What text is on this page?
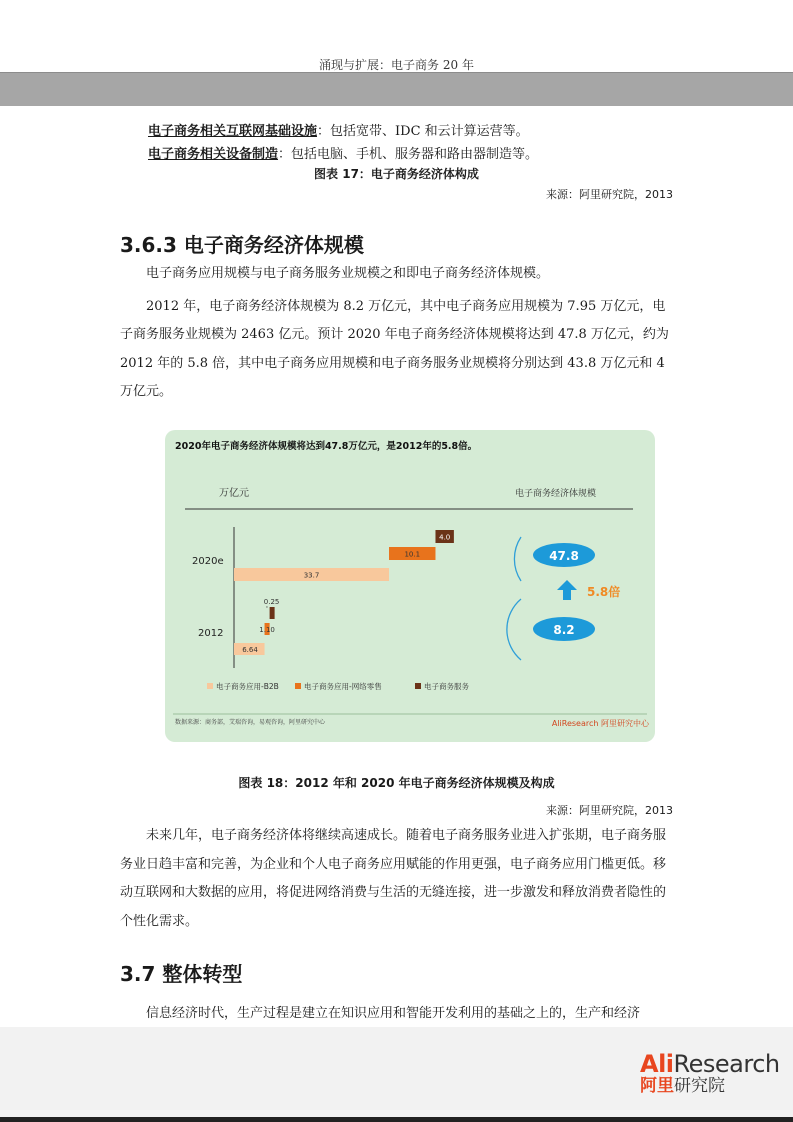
涌现与扩展：电子商务 20 年
电子商务相关互联网基础设施：包括宽带、IDC 和云计算运营等。
电子商务相关设备制造：包括电脑、手机、服务器和路由器制造等。
图表 17：电子商务经济体构成
来源：阿里研究院，2013
3.6.3 电子商务经济体规模

电子商务应用规模与电子商务服务业规模之和即电子商务经济体规模。

2012 年，电子商务经济体规模为 8.2 万亿元，其中电子商务应用规模为 7.95 万亿元，电子商务服务业规模为 2463 亿元。预计 2020 年电子商务经济体规模将达到 47.8 万亿元，约为 2012 年的 5.8 倍，其中电子商务应用规模和电子商务服务业规模将分别达到 43.8 万亿元和 4 万亿元。

2020年电子商务经济体规模将达到47.8万亿元，是2012年的5.8倍。
万亿元	电子商务经济体规模
2020e
2012
33.7
10.1
4.0
6.64
1.10
0.25
'
47.8
5.8倍
8.2
电子商务应用-B2B	电子商务应用-网络零售	电子商务服务
数据来源：商务部，艾瑞咨询，易观咨询，阿里研究中心	AliResearch 阿里研究中心
图表 18：2012 年和 2020 年电子商务经济体规模及构成
来源：阿里研究院，2013

未来几年，电子商务经济体将继续高速成长。随着电子商务服务业进入扩张期，电子商务服务业日趋丰富和完善，为企业和个人电子商务应用赋能的作用更强，电子商务应用门槛更低。移动互联网和大数据的应用，将促进网络消费与生活的无缝连接，进一步激发和释放消费者隐性的个性化需求。

3.7 整体转型

信息经济时代，生产过程是建立在知识应用和智能开发利用的基础之上的，生产和经济

AliResearch
阿里研究院
